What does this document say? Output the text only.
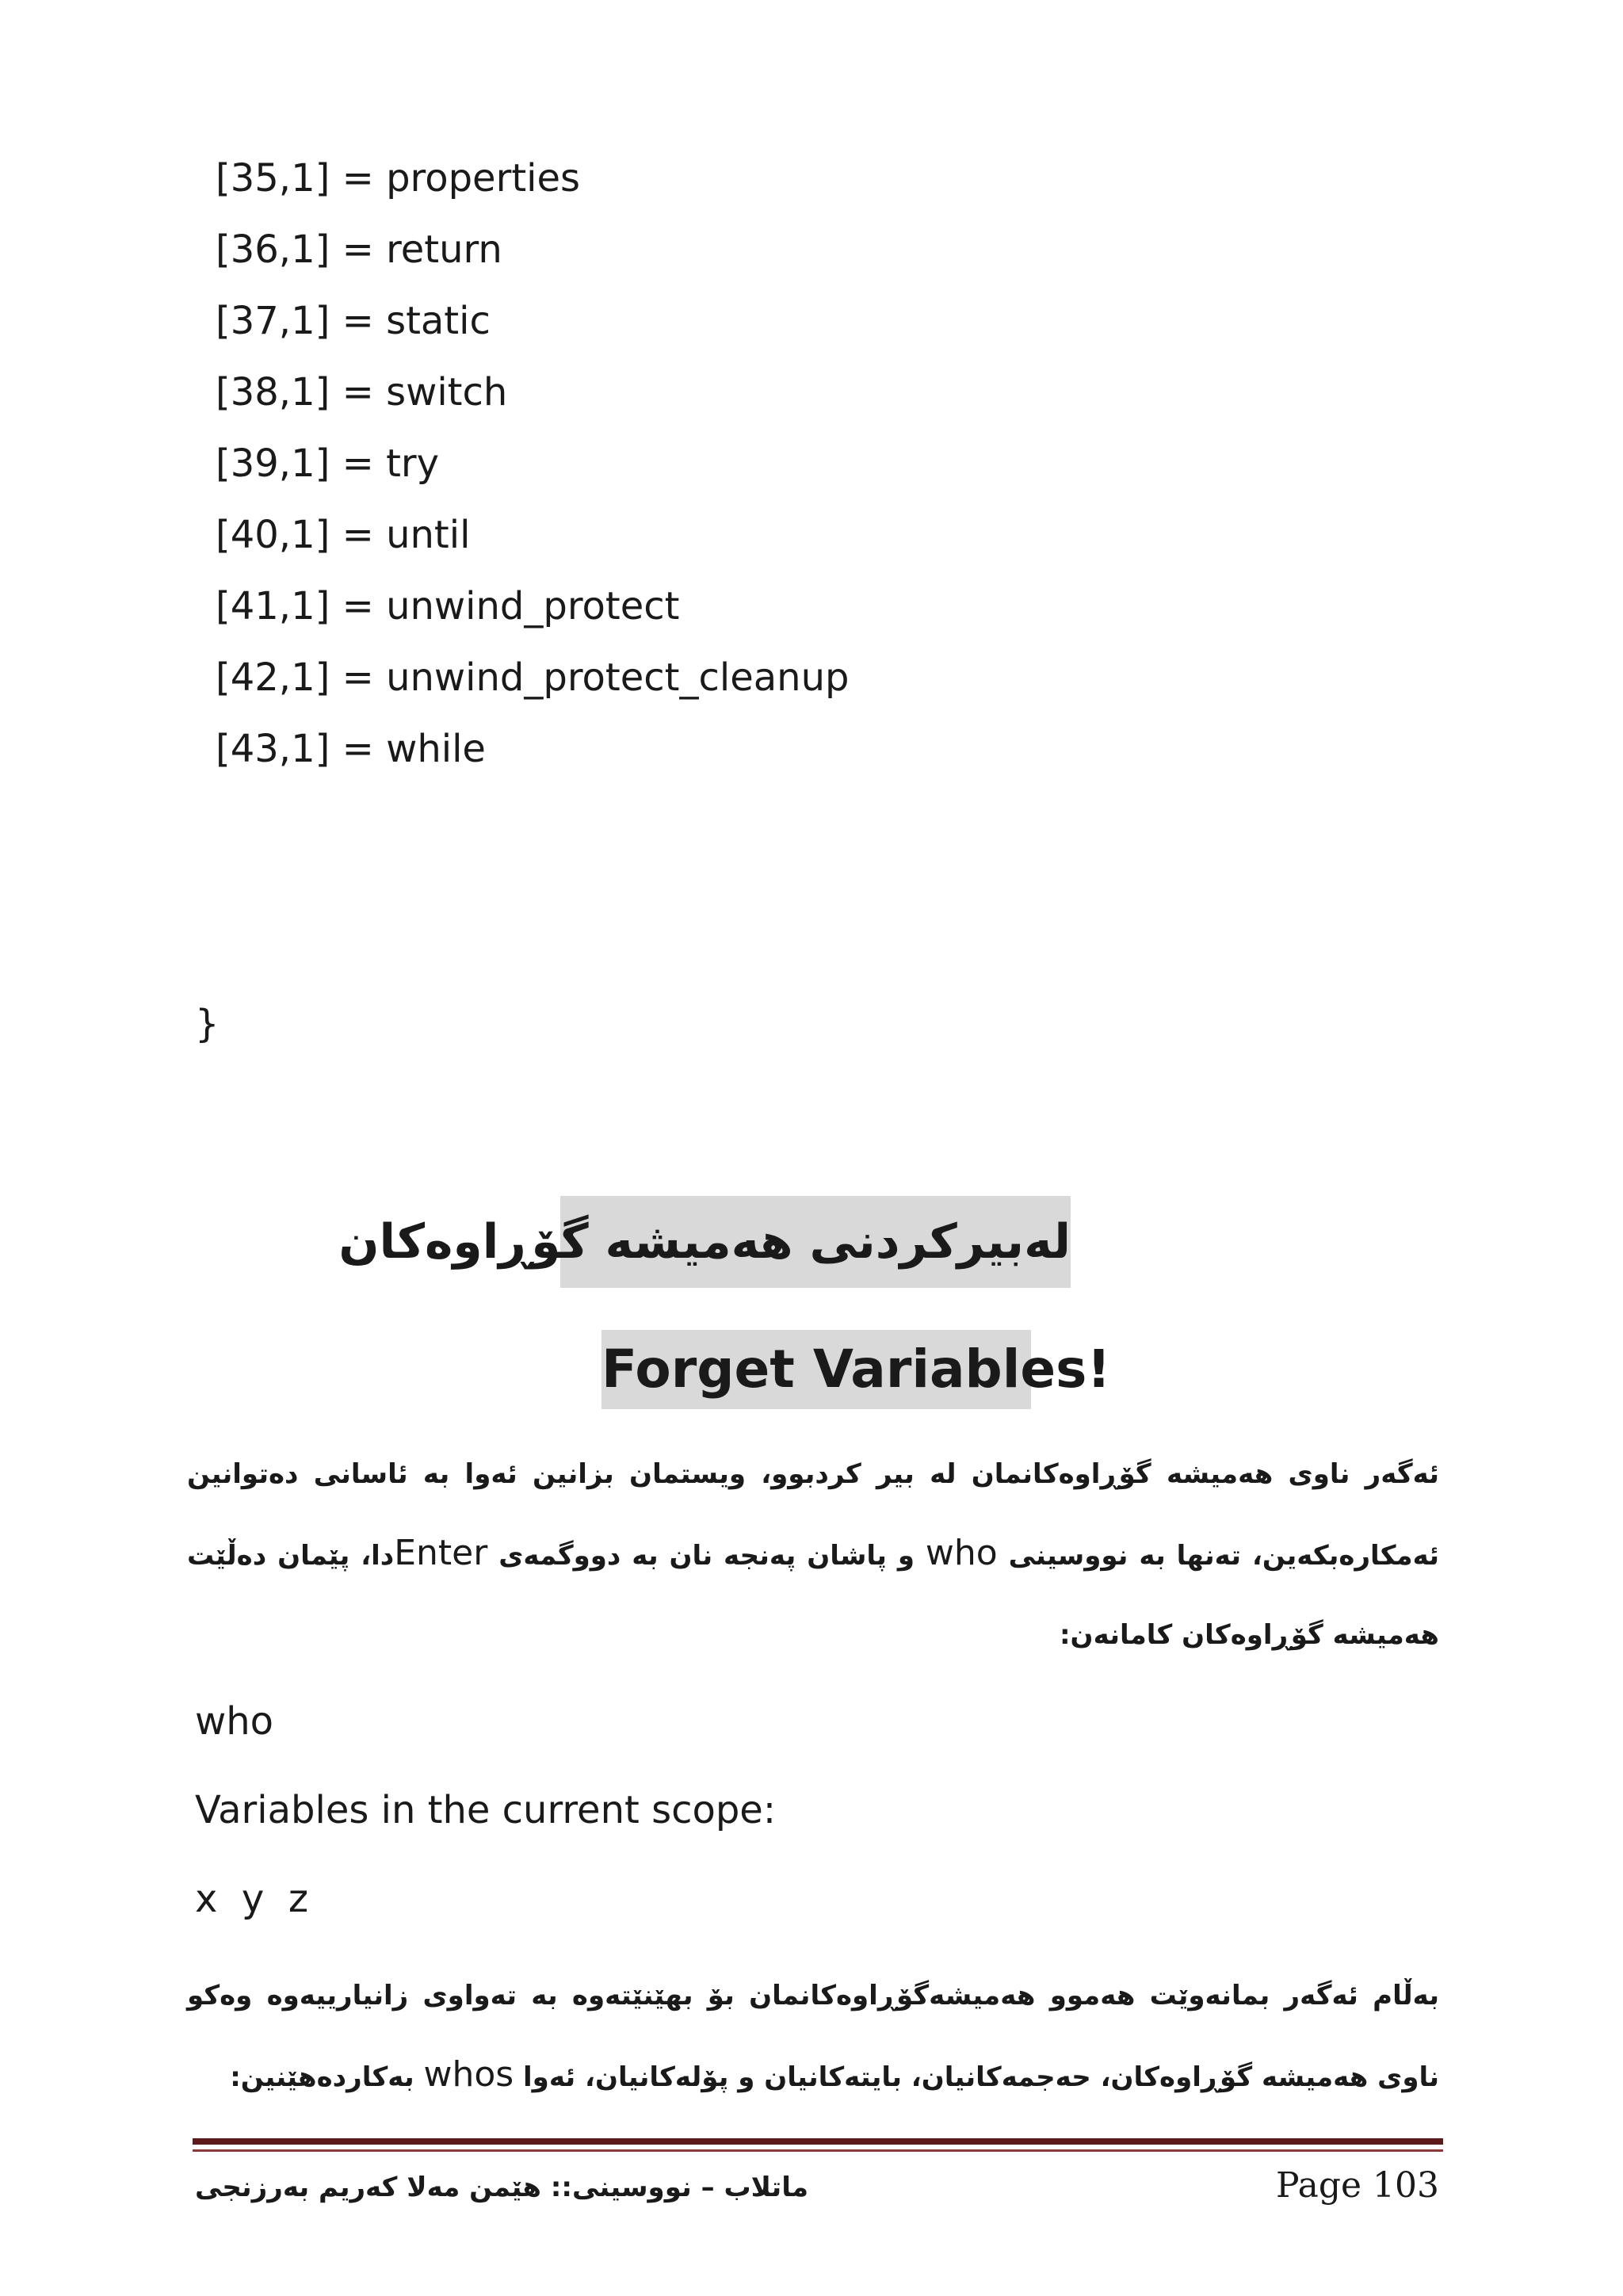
[35,1] = properties
[36,1] = return
[37,1] = static
[38,1] = switch
[39,1] = try
[40,1] = until
[41,1] = unwind_protect
[42,1] = unwind_protect_cleanup
[43,1] = while
}
لەبیرکردنی هەمیشە گۆڕاوەکان
Forget Variables!
ئەگەر ناوی هەمیشە گۆڕاوەکانمان لە بیر کردبوو، ویستمان بزانین ئەوا بە ئاسانی دەتوانین ئەمکارەبکەین، تەنها بە نووسینی who و پاشان پەنجە نان بە دووگمەی Enterدا، پێمان دەڵێت هەمیشە گۆڕاوەکان کامانەن:
who
Variables in the current scope:
x  y  z
بەڵام ئەگەر بمانەوێت هەموو هەمیشەگۆڕاوەکانمان بۆ بهێنێتەوە بە تەواوی زانیارییەوە وەکو ناوی هەمیشە گۆڕاوەکان، حەجمەکانیان، بایتەکانیان و پۆلەکانیان، ئەوا whos بەکاردەهێنین:
ماتلاب – نووسینی:: هێمن مەلا کەریم بەرزنجی	Page 103
